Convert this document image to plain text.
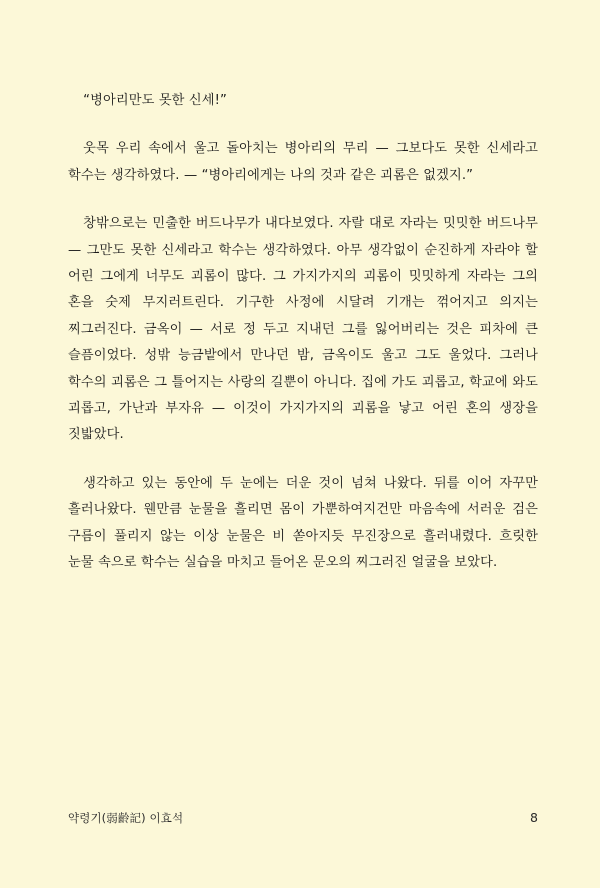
“병아리만도 못한 신세!”

웃목 우리 속에서 울고 돌아치는 병아리의 무리 — 그보다도 못한 신세라고 학수는 생각하였다. — “병아리에게는 나의 것과 같은 괴롬은 없겠지.”

창밖으로는 민출한 버드나무가 내다보였다. 자랄 대로 자라는 밋밋한 버드나무 — 그만도 못한 신세라고 학수는 생각하였다. 아무 생각없이 순진하게 자라야 할 어린 그에게 너무도 괴롬이 많다. 그 가지가지의 괴롬이 밋밋하게 자라는 그의 혼을 숫제 무지러트린다. 기구한 사정에 시달려 기개는 꺾어지고 의지는 찌그러진다. 금옥이 — 서로 정 두고 지내던 그를 잃어버리는 것은 피차에 큰 슬픔이었다. 성밖 능금밭에서 만나던 밤, 금옥이도 울고 그도 울었다. 그러나 학수의 괴롬은 그 틀어지는 사랑의 길뿐이 아니다. 집에 가도 괴롭고, 학교에 와도 괴롭고, 가난과 부자유 — 이것이 가지가지의 괴롬을 낳고 어린 혼의 생장을 짓밟았다.

생각하고 있는 동안에 두 눈에는 더운 것이 넘쳐 나왔다. 뒤를 이어 자꾸만 흘러나왔다. 웬만큼 눈물을 흘리면 몸이 가뿐하여지건만 마음속에 서러운 검은 구름이 풀리지 않는 이상 눈물은 비 쏟아지듯 무진장으로 흘러내렸다. 흐릿한 눈물 속으로 학수는 실습을 마치고 들어온 문오의 찌그러진 얼굴을 보았다.

약령기(弱齡記) 이효석	8
